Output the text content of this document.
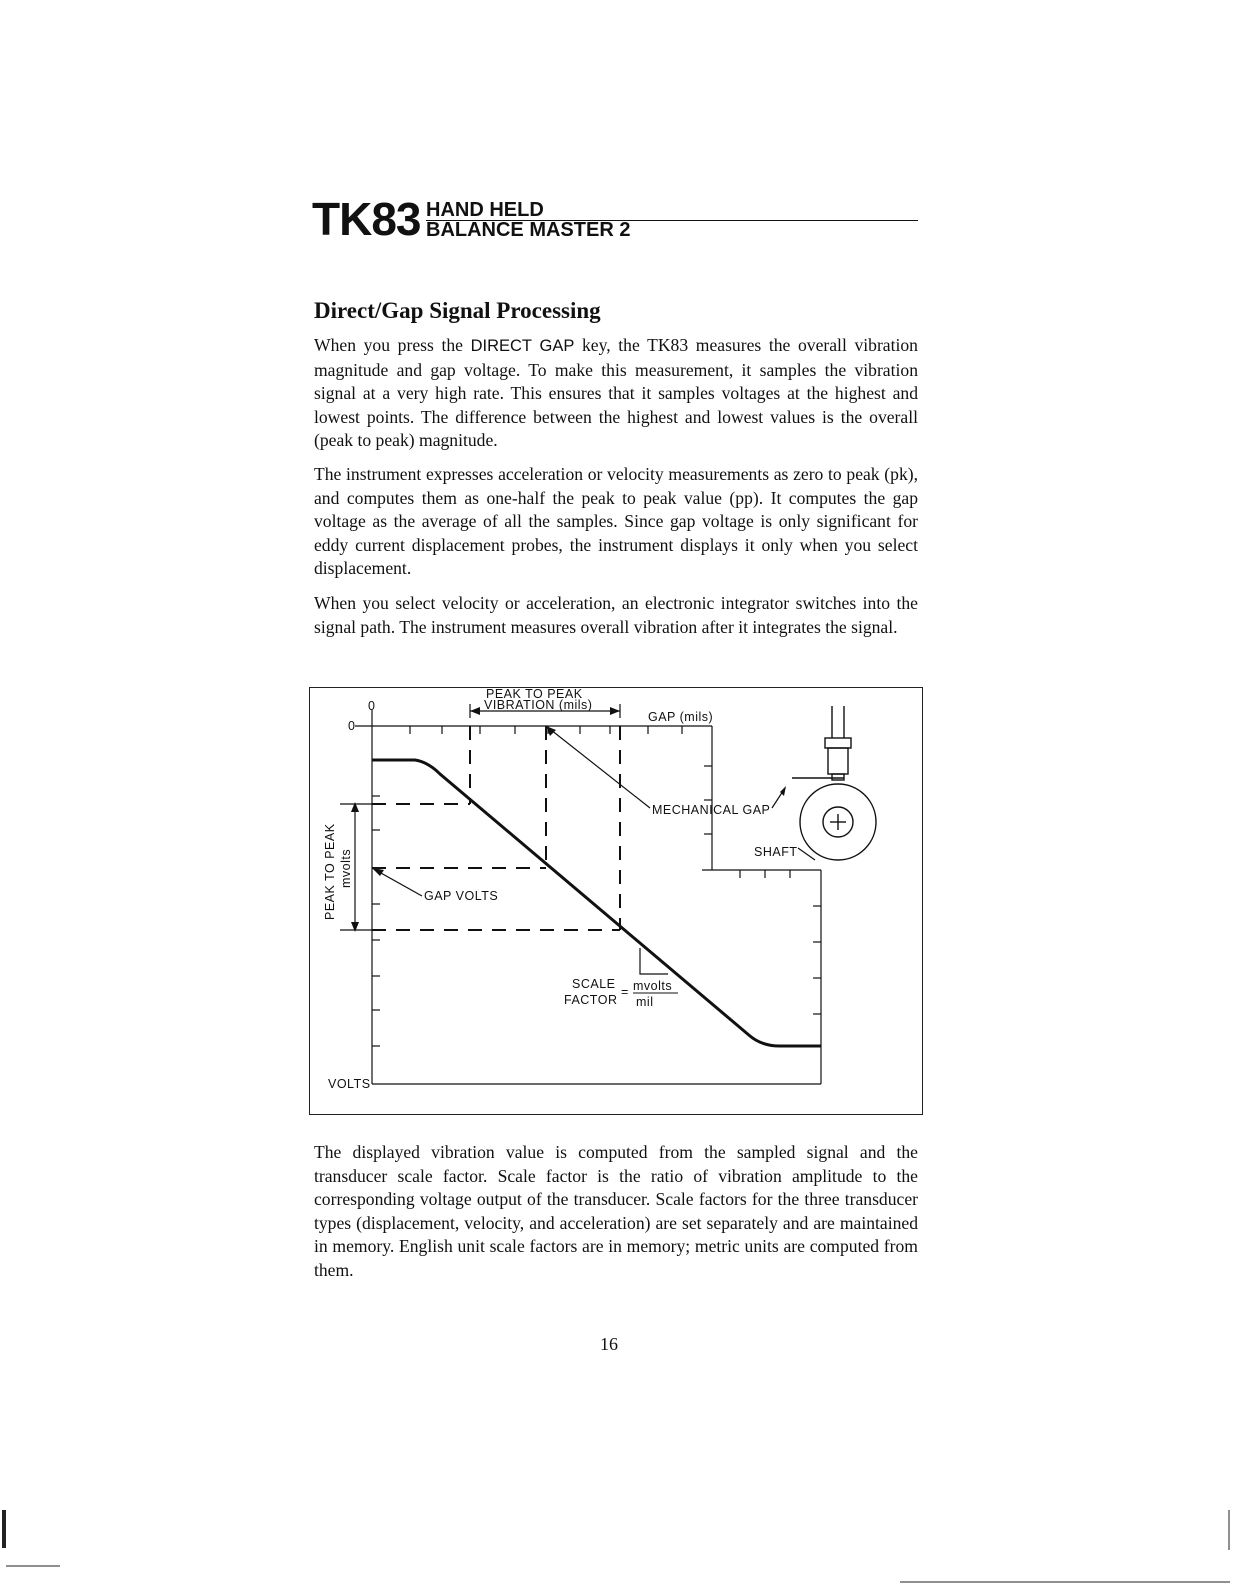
TK83 HAND HELD
BALANCE MASTER 2
Direct/Gap Signal Processing

When you press the DIRECT GAP key, the TK83 measures the overall vibration magnitude and gap voltage. To make this measurement, it samples the vibration signal at a very high rate. This ensures that it samples voltages at the highest and lowest points. The difference between the highest and lowest values is the overall (peak to peak) magnitude.

The instrument expresses acceleration or velocity measurements as zero to peak (pk), and computes them as one-half the peak to peak value (pp). It computes the gap voltage as the average of all the samples. Since gap voltage is only significant for eddy current displacement probes, the instrument displays it only when you select displacement.

When you select velocity or acceleration, an electronic integrator switches into the signal path. The instrument measures overall vibration after it integrates the signal.

PEAK TO PEAK
VIBRATION (mils)
GAP (mils)
0
0
MECHANICAL GAP
SHAFT
GAP VOLTS
SCALE
FACTOR
= mvolts
mil
VOLTS
PEAK TO PEAK mvolts

The displayed vibration value is computed from the sampled signal and the transducer scale factor. Scale factor is the ratio of vibration amplitude to the corresponding voltage output of the transducer. Scale factors for the three transducer types (displacement, velocity, and acceleration) are set separately and are maintained in memory. English unit scale factors are in memory; metric units are computed from them.

16
